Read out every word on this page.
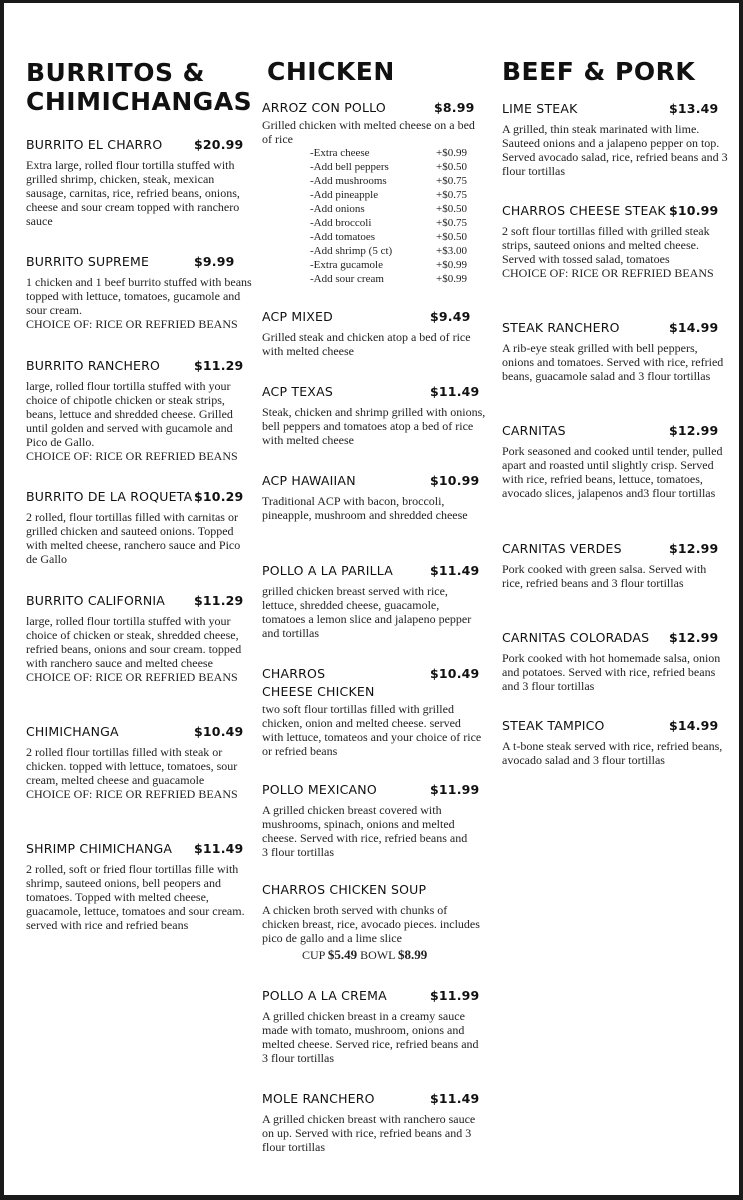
BURRITOS &
CHIMICHANGAS
BURRITO EL CHARRO	$20.99
Extra large, rolled flour tortilla stuffed with grilled shrimp, chicken, steak, mexican sausage, carnitas, rice, refried beans, onions, cheese and sour cream topped with ranchero sauce
BURRITO SUPREME	$9.99
1 chicken and 1 beef burrito stuffed with beans topped with lettuce, tomatoes, gucamole and sour cream.
CHOICE OF: RICE OR REFRIED BEANS
BURRITO RANCHERO	$11.29
large, rolled flour tortilla stuffed with your choice of chipotle chicken or steak strips, beans, lettuce and shredded cheese. Grilled until golden and served with gucamole and Pico de Gallo.
CHOICE OF: RICE OR REFRIED BEANS
BURRITO DE LA ROQUETA $10.29
2 rolled, flour tortillas filled with carnitas or grilled chicken and sauteed onions. Topped with melted cheese, ranchero sauce and Pico de Gallo
BURRITO CALIFORNIA $11.29
large, rolled flour tortilla stuffed with your choice of chicken or steak, shredded cheese, refried beans, onions and sour cream. topped with ranchero sauce and melted cheese
CHOICE OF: RICE OR REFRIED BEANS
CHIMICHANGA	$10.49
2 rolled flour tortillas filled with steak or chicken. topped with lettuce, tomatoes, sour cream, melted cheese and guacamole
CHOICE OF: RICE OR REFRIED BEANS
SHRIMP CHIMICHANGA $11.49
2 rolled, soft or fried flour tortillas fille with shrimp, sauteed onions, bell peopers and tomatoes. Topped with melted cheese, guacamole, lettuce, tomatoes and sour cream. served with rice and refried beans
CHICKEN
ARROZ CON POLLO	$8.99
Grilled chicken with melted cheese on a bed of rice
-Extra cheese	+$0.99
-Add bell peppers	+$0.50
-Add mushrooms	+$0.75
-Add pineapple	+$0.75
-Add onions	+$0.50
-Add broccoli	+$0.75
-Add tomatoes	+$0.50
-Add shrimp (5 ct)	+$3.00
-Extra gucamole	+$0.99
-Add sour cream	+$0.99
ACP MIXED	$9.49
Grilled steak and chicken atop a bed of rice with melted cheese
ACP TEXAS	$11.49
Steak, chicken and shrimp grilled with onions, bell peppers and tomatoes atop a bed of rice with melted cheese
ACP HAWAIIAN	$10.99
Traditional ACP with bacon, broccoli, pineapple, mushroom and shredded cheese
POLLO A LA PARILLA	$11.49
grilled chicken breast served with rice, lettuce, shredded cheese, guacamole, tomatoes a lemon slice and jalapeno pepper and tortillas
CHARROS	$10.49
CHEESE CHICKEN
two soft flour tortillas filled with grilled chicken, onion and melted cheese. served with lettuce, tomateos and your choice of rice or refried beans
POLLO MEXICANO	$11.99
A grilled chicken breast covered with mushrooms, spinach, onions and melted cheese. Served with rice, refried beans and 3 flour tortillas
CHARROS CHICKEN SOUP
A chicken broth served with chunks of chicken breast, rice, avocado pieces. includes pico de gallo and a lime slice
CUP $5.49 BOWL $8.99
POLLO A LA CREMA	$11.99
A grilled chicken breast in a creamy sauce made with tomato, mushroom, onions and melted cheese. Served rice, refried beans and 3 flour tortillas
MOLE RANCHERO	$11.49
A grilled chicken breast with ranchero sauce on up. Served with rice, refried beans and 3 flour tortillas
BEEF & PORK
LIME STEAK	$13.49
A grilled, thin steak marinated with lime. Sauteed onions and a jalapeno pepper on top. Served avocado salad, rice, refried beans and 3 flour tortillas
CHARROS CHEESE STEAK $10.99
2 soft flour tortillas filled with grilled steak strips, sauteed onions and melted cheese. Served with tossed salad, tomatoes
CHOICE OF: RICE OR REFRIED BEANS
STEAK RANCHERO	$14.99
A rib-eye steak grilled with bell peppers, onions and tomatoes. Served with rice, refried beans, guacamole salad and 3 flour tortillas
CARNITAS	$12.99
Pork seasoned and cooked until tender, pulled apart and roasted until slightly crisp. Served with rice, refried beans, lettuce, tomatoes, avocado slices, jalapenos and3 flour tortillas
CARNITAS VERDES	$12.99
Pork cooked with green salsa. Served with rice, refried beans and 3 flour tortillas
CARNITAS COLORADAS $12.99
Pork cooked with hot homemade salsa, onion and potatoes. Served with rice, refried beans and 3 flour tortillas
STEAK TAMPICO	$14.99
A t-bone steak served with rice, refried beans, avocado salad and 3 flour tortillas
